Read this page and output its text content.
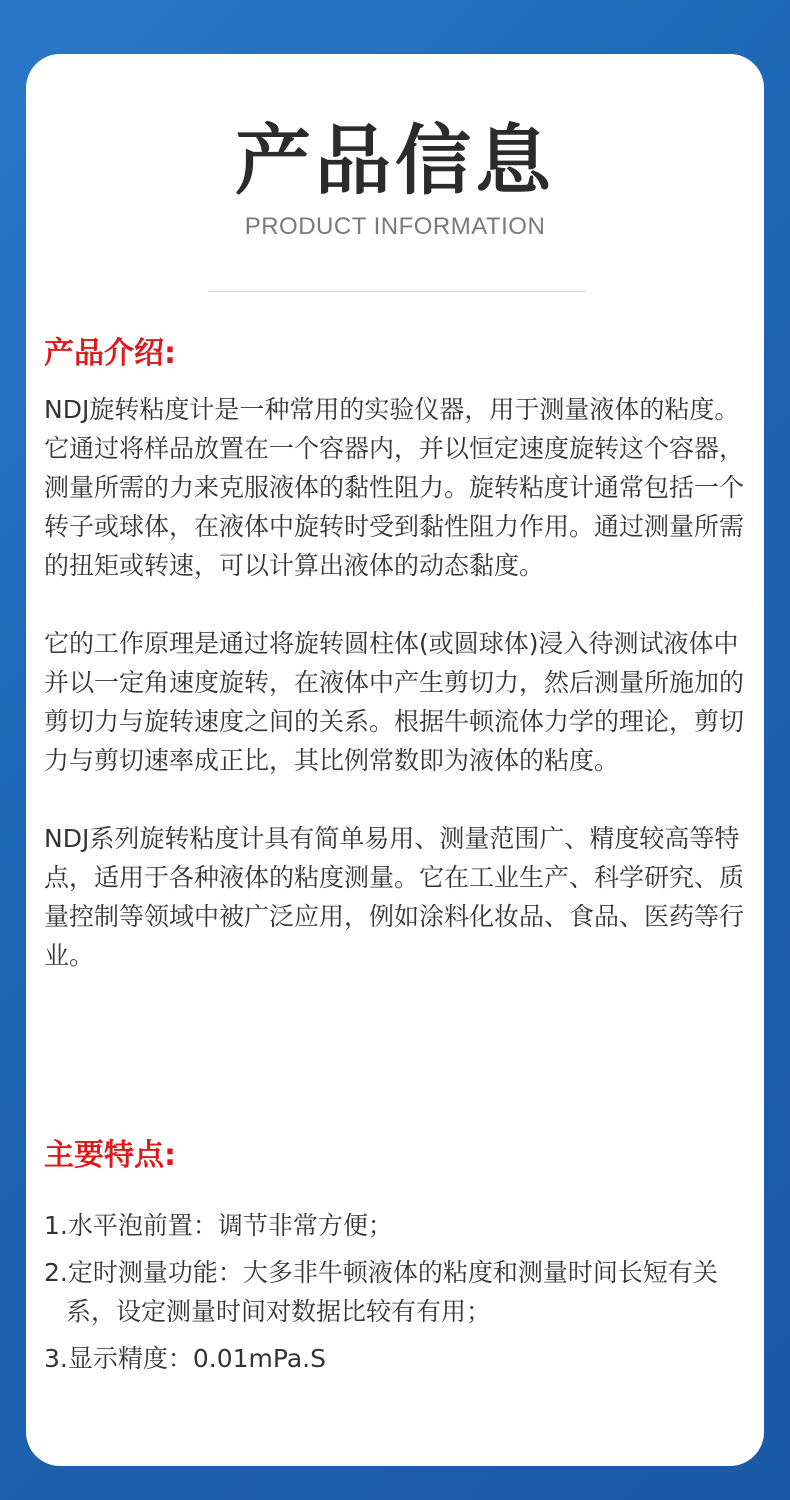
产品信息
PRODUCT INFORMATION
产品介绍:

NDJ旋转粘度计是一种常用的实验仪器，用于测量液体的粘度。它通过将样品放置在一个容器内，并以恒定速度旋转这个容器，测量所需的力来克服液体的黏性阻力。旋转粘度计通常包括一个转子或球体，在液体中旋转时受到黏性阻力作用。通过测量所需的扭矩或转速，可以计算出液体的动态黏度。

它的工作原理是通过将旋转圆柱体(或圆球体)浸入待测试液体中并以一定角速度旋转，在液体中产生剪切力，然后测量所施加的剪切力与旋转速度之间的关系。根据牛顿流体力学的理论，剪切力与剪切速率成正比，其比例常数即为液体的粘度。

NDJ系列旋转粘度计具有简单易用、测量范围广、精度较高等特点，适用于各种液体的粘度测量。它在工业生产、科学研究、质量控制等领域中被广泛应用，例如涂料化妆品、食品、医药等行业。

主要特点:
1.水平泡前置：调节非常方便；
2.定时测量功能：大多非牛顿液体的粘度和测量时间长短有关系，设定测量时间对数据比较有有用；
3.显示精度：0.01mPa.S
